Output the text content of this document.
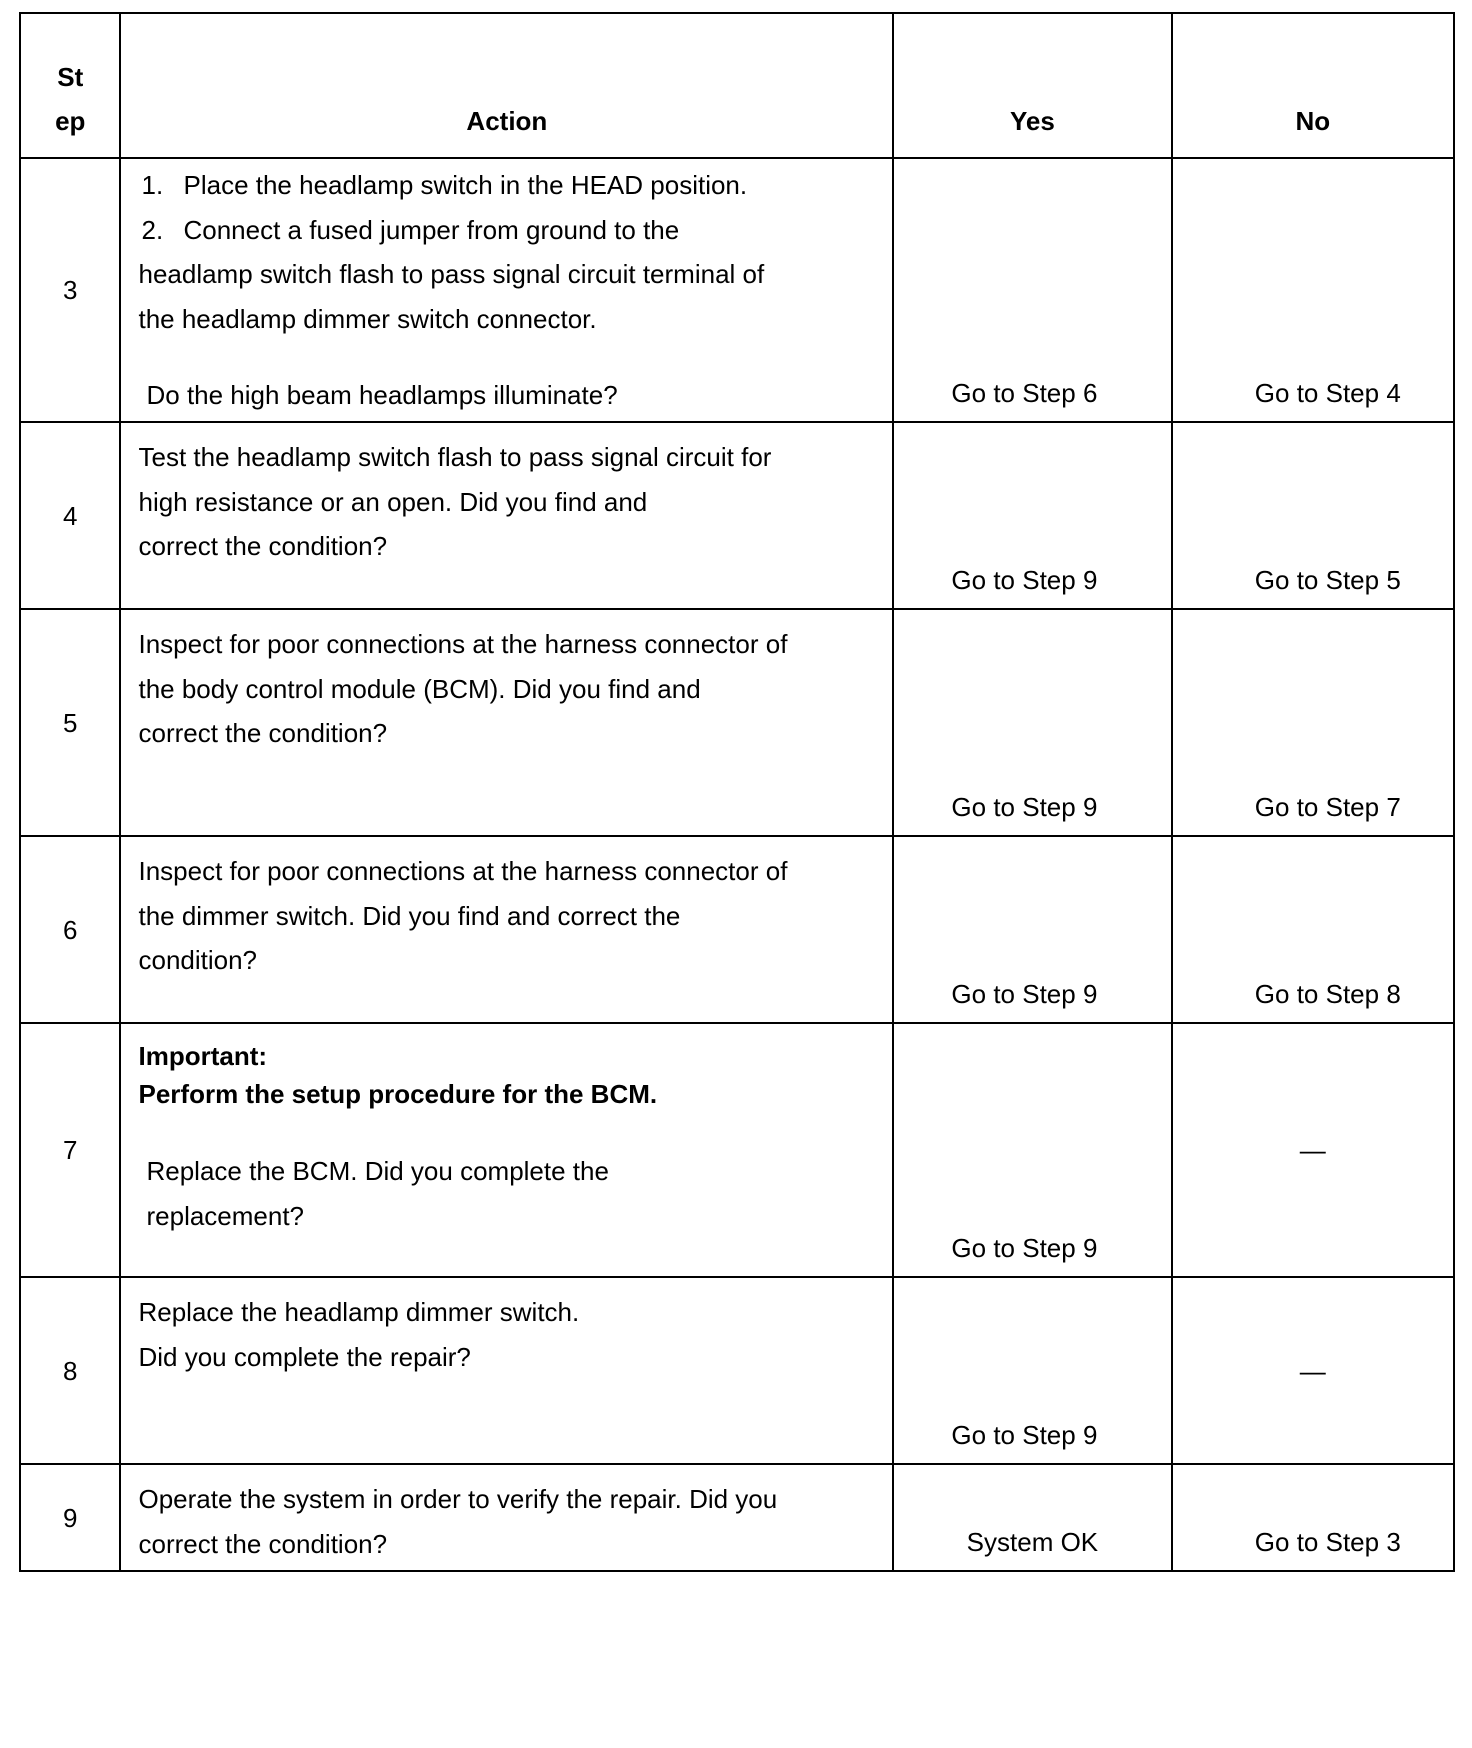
St
ep	Action	Yes	No
3	1. Place the headlamp switch in the HEAD position.
2. Connect a fused jumper from ground to the
headlamp switch flash to pass signal circuit terminal of
the headlamp dimmer switch connector.
Do the high beam headlamps illuminate?	Go to Step 6	Go to Step 4

4	Test the headlamp switch flash to pass signal circuit for
high resistance or an open. Did you find and
correct the condition?	Go to Step 9	Go to Step 5

5	Inspect for poor connections at the harness connector of
the body control module (BCM). Did you find and
correct the condition?	Go to Step 9	Go to Step 7

6	Inspect for poor connections at the harness connector of
the dimmer switch. Did you find and correct the
condition?	Go to Step 9	Go to Step 8

7	Important:
Perform the setup procedure for the BCM.
Replace the BCM. Did you complete the
replacement?	Go to Step 9	—

8	Replace the headlamp dimmer switch.
Did you complete the repair?	Go to Step 9	—

9	Operate the system in order to verify the repair. Did you
correct the condition?	System OK	Go to Step 3
